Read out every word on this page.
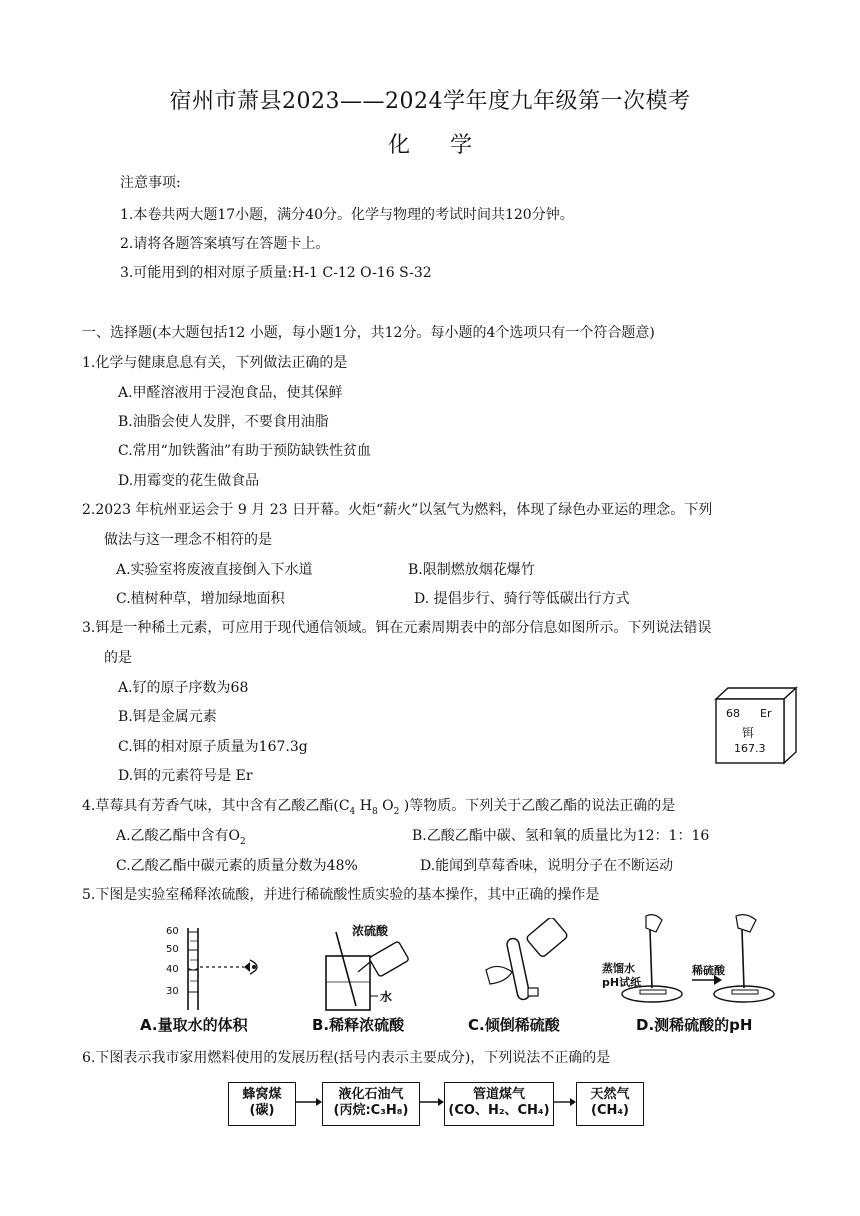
宿州市萧县2023——2024学年度九年级第一次模考
化学
注意事项:
1.本卷共两大题17小题，满分40分。化学与物理的考试时间共120分钟。
2.请将各题答案填写在答题卡上。
3.可能用到的相对原子质量:H-1 C-12 O-16 S-32
一、选择题(本大题包括12 小题，每小题1分，共12分。每小题的4个选项只有一个符合题意)
1.化学与健康息息有关，下列做法正确的是
A.甲醛溶液用于浸泡食品，使其保鲜
B.油脂会使人发胖，不要食用油脂
C.常用“加铁酱油”有助于预防缺铁性贫血
D.用霉变的花生做食品
2.2023 年杭州亚运会于 9 月 23 日开幕。火炬“薪火”以氢气为燃料，体现了绿色办亚运的理念。下列
做法与这一理念不相符的是
A.实验室将废液直接倒入下水道	B.限制燃放烟花爆竹
C.植树种草，增加绿地面积	D. 提倡步行、骑行等低碳出行方式
3.铒是一种稀土元素，可应用于现代通信领域。铒在元素周期表中的部分信息如图所示。下列说法错误
的是
A.钌的原子序数为68
B.铒是金属元素
C.铒的相对原子质量为167.3g
D.铒的元素符号是 Er
68 Er
铒
167.3
4.草莓具有芳香气味，其中含有乙酸乙酯($C_4$ $H_8$ $O_2$ )等物质。下列关于乙酸乙酯的说法正确的是
A.乙酸乙酯中含有$O_2$	B.乙酸乙酯中碳、氢和氧的质量比为12：1：16
C.乙酸乙酯中碳元素的质量分数为48%	D.能闻到草莓香味，说明分子在不断运动
5.下图是实验室稀释浓硫酸，并进行稀硫酸性质实验的基本操作，其中正确的操作是
60
50
40
30
A.量取水的体积
浓硫酸
水
B.稀释浓硫酸	C.倾倒稀硫酸
蒸馏水
pH试纸
稀硫酸
D.测稀硫酸的pH
6.下图表示我市家用燃料使用的发展历程(括号内表示主要成分)，下列说法不正确的是
蜂窝煤
(碳)
液化石油气
(丙烷:C₃H₈)
管道煤气
(CO、H₂、CH₄)
天然气
(CH₄)
